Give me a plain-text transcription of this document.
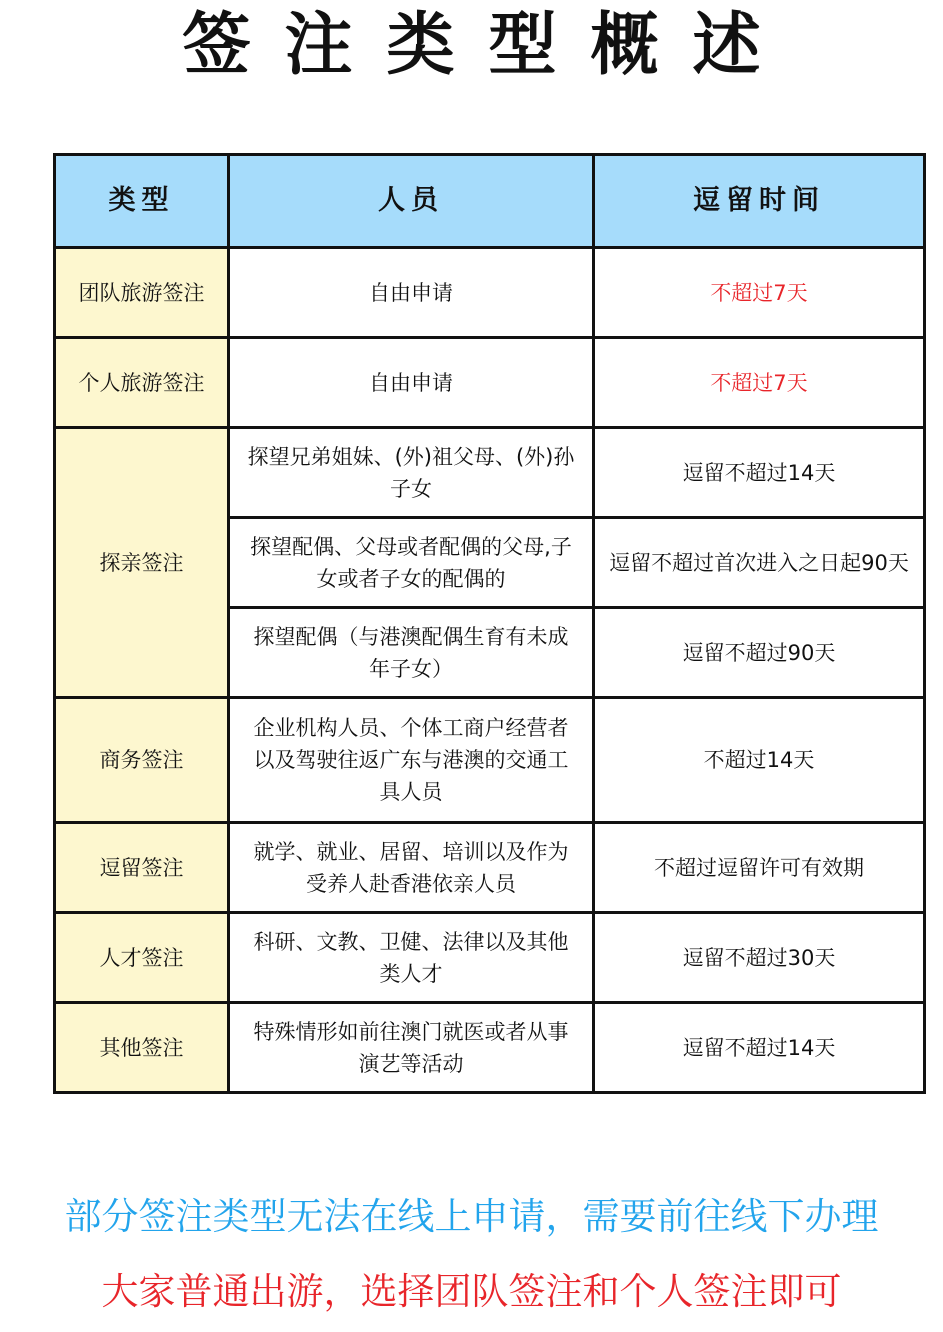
签注类型概述
类型	人员	逗留时间
团队旅游签注	自由申请	不超过7天
个人旅游签注	自由申请	不超过7天
探亲签注	探望兄弟姐妹、(外)祖父母、(外)孙子女	逗留不超过14天
	探望配偶、父母或者配偶的父母,子女或者子女的配偶的	逗留不超过首次进入之日起90天
	探望配偶（与港澳配偶生育有未成年子女）	逗留不超过90天
商务签注	企业机构人员、个体工商户经营者以及驾驶往返广东与港澳的交通工具人员	不超过14天
逗留签注	就学、就业、居留、培训以及作为受养人赴香港依亲人员	不超过逗留许可有效期
人才签注	科研、文教、卫健、法律以及其他类人才	逗留不超过30天
其他签注	特殊情形如前往澳门就医或者从事演艺等活动	逗留不超过14天
部分签注类型无法在线上申请，需要前往线下办理
大家普通出游，选择团队签注和个人签注即可
